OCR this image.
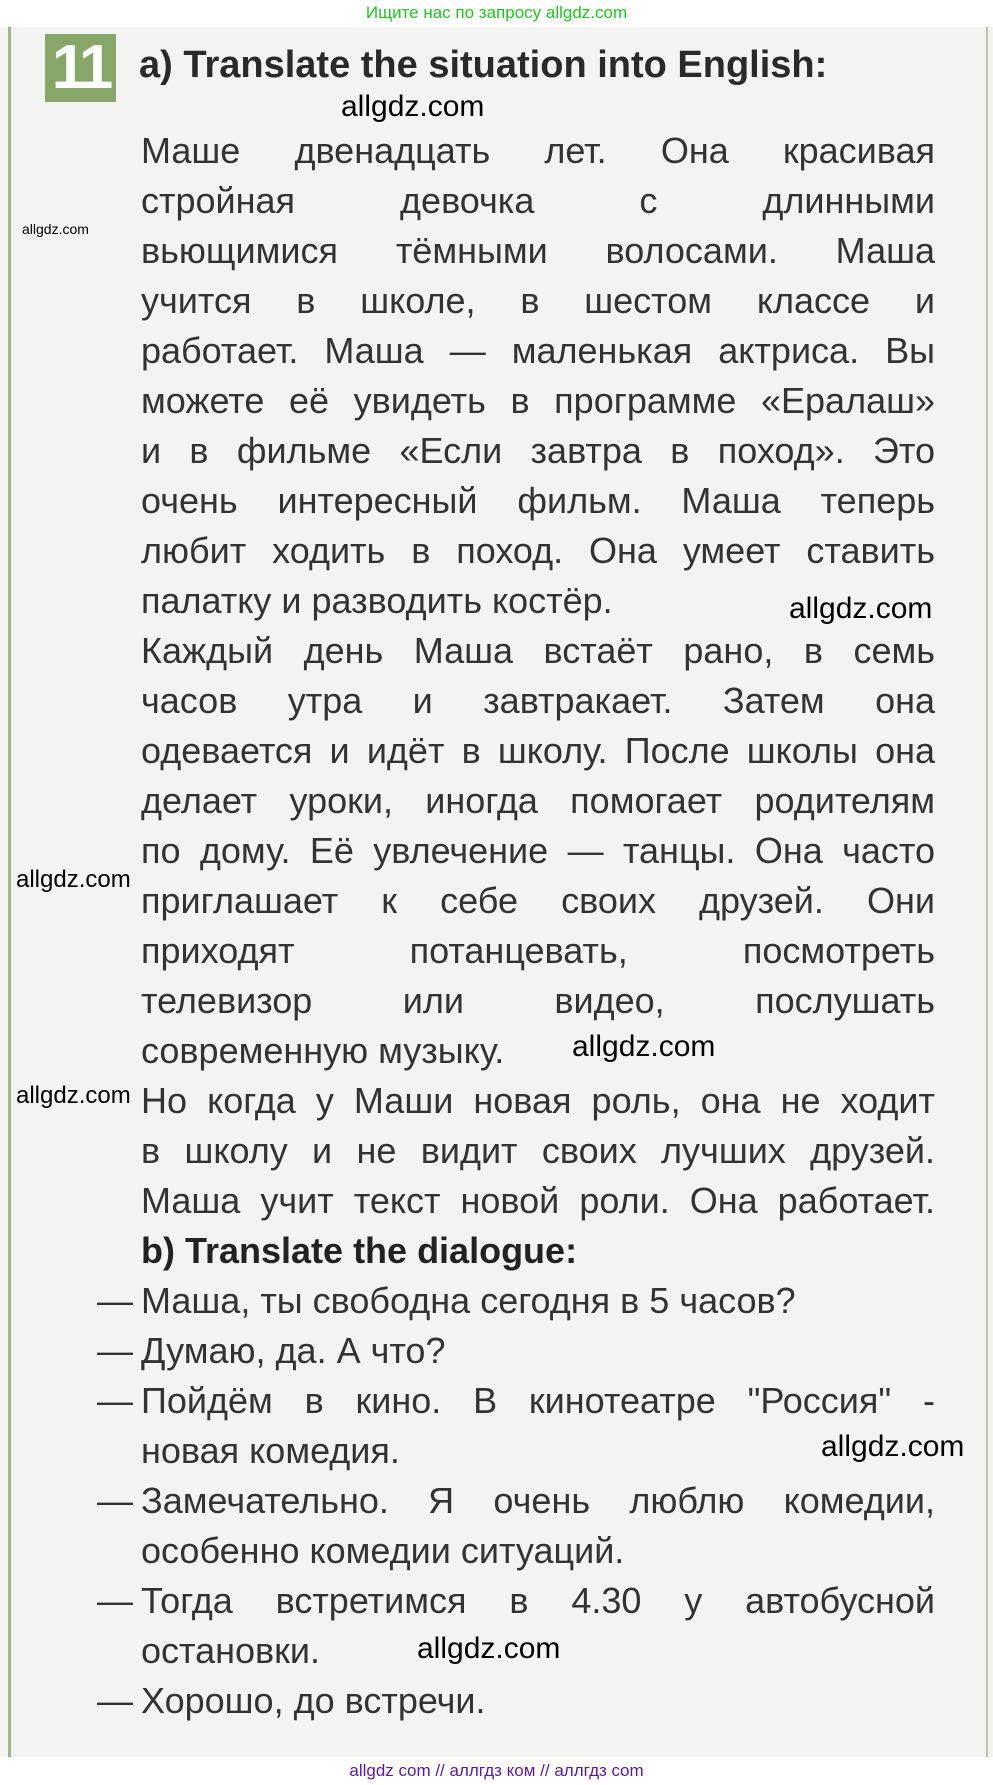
Ищите нас по запросу allgdz.com
11 a) Translate the situation into English:
Маше двенадцать лет. Она красивая
стройная девочка с длинными
вьющимися тёмными волосами. Маша
учится в школе, в шестом классе и
работает. Маша — маленькая актриса. Вы
можете её увидеть в программе «Ералаш»
и в фильме «Если завтра в поход». Это
очень интересный фильм. Маша теперь
любит ходить в поход. Она умеет ставить
палатку и разводить костёр.
Каждый день Маша встаёт рано, в семь
часов утра и завтракает. Затем она
одевается и идёт в школу. После школы она
делает уроки, иногда помогает родителям
по дому. Её увлечение — танцы. Она часто
приглашает к себе своих друзей. Они
приходят потанцевать, посмотреть
телевизор или видео, послушать
современную музыку.
Но когда у Маши новая роль, она не ходит
в школу и не видит своих лучших друзей.
Маша учит текст новой роли. Она работает.
b) Translate the dialogue:
— Маша, ты свободна сегодня в 5 часов?
— Думаю, да. А что?
— Пойдём в кино. В кинотеатре "Россия" -
новая комедия.
— Замечательно. Я очень люблю комедии,
особенно комедии ситуаций.
— Тогда встретимся в 4.30 у автобусной
остановки.
— Хорошо, до встречи.
allgdz.com
allgdz.com
allgdz.com
allgdz.com
allgdz.com
allgdz.com
allgdz.com
allgdz.com
allgdz com // аллгдз ком // аллгдз com
